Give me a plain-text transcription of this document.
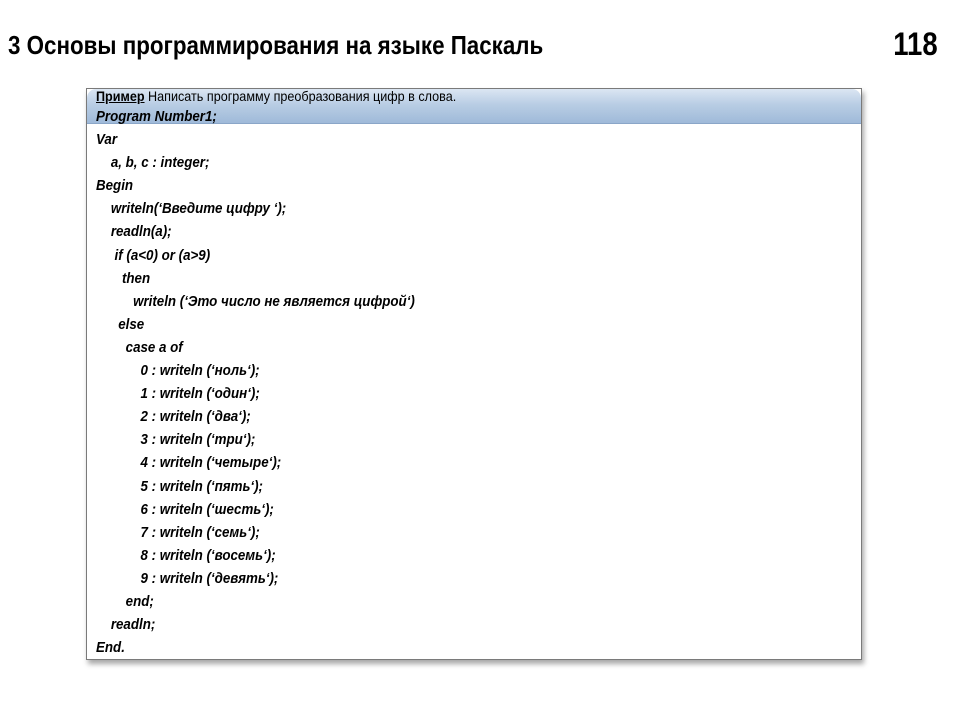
3 Основы программирования на языке Паскаль	118
Пример Написать программу преобразования цифр в слова.
Program Number1;
Var
a, b, c : integer;
Begin
writeln(‘Введите цифру ‘);
readln(a);
if (a<0) or (a>9)
then
writeln (‘Это число не является цифрой‘)
else
case a of
0 : writeln (‘ноль‘);
1 : writeln (‘один‘);
2 : writeln (‘два‘);
3 : writeln (‘три‘);
4 : writeln (‘четыре‘);
5 : writeln (‘пять‘);
6 : writeln (‘шесть‘);
7 : writeln (‘семь‘);
8 : writeln (‘восемь‘);
9 : writeln (‘девять‘);
end;
readln;
End.
